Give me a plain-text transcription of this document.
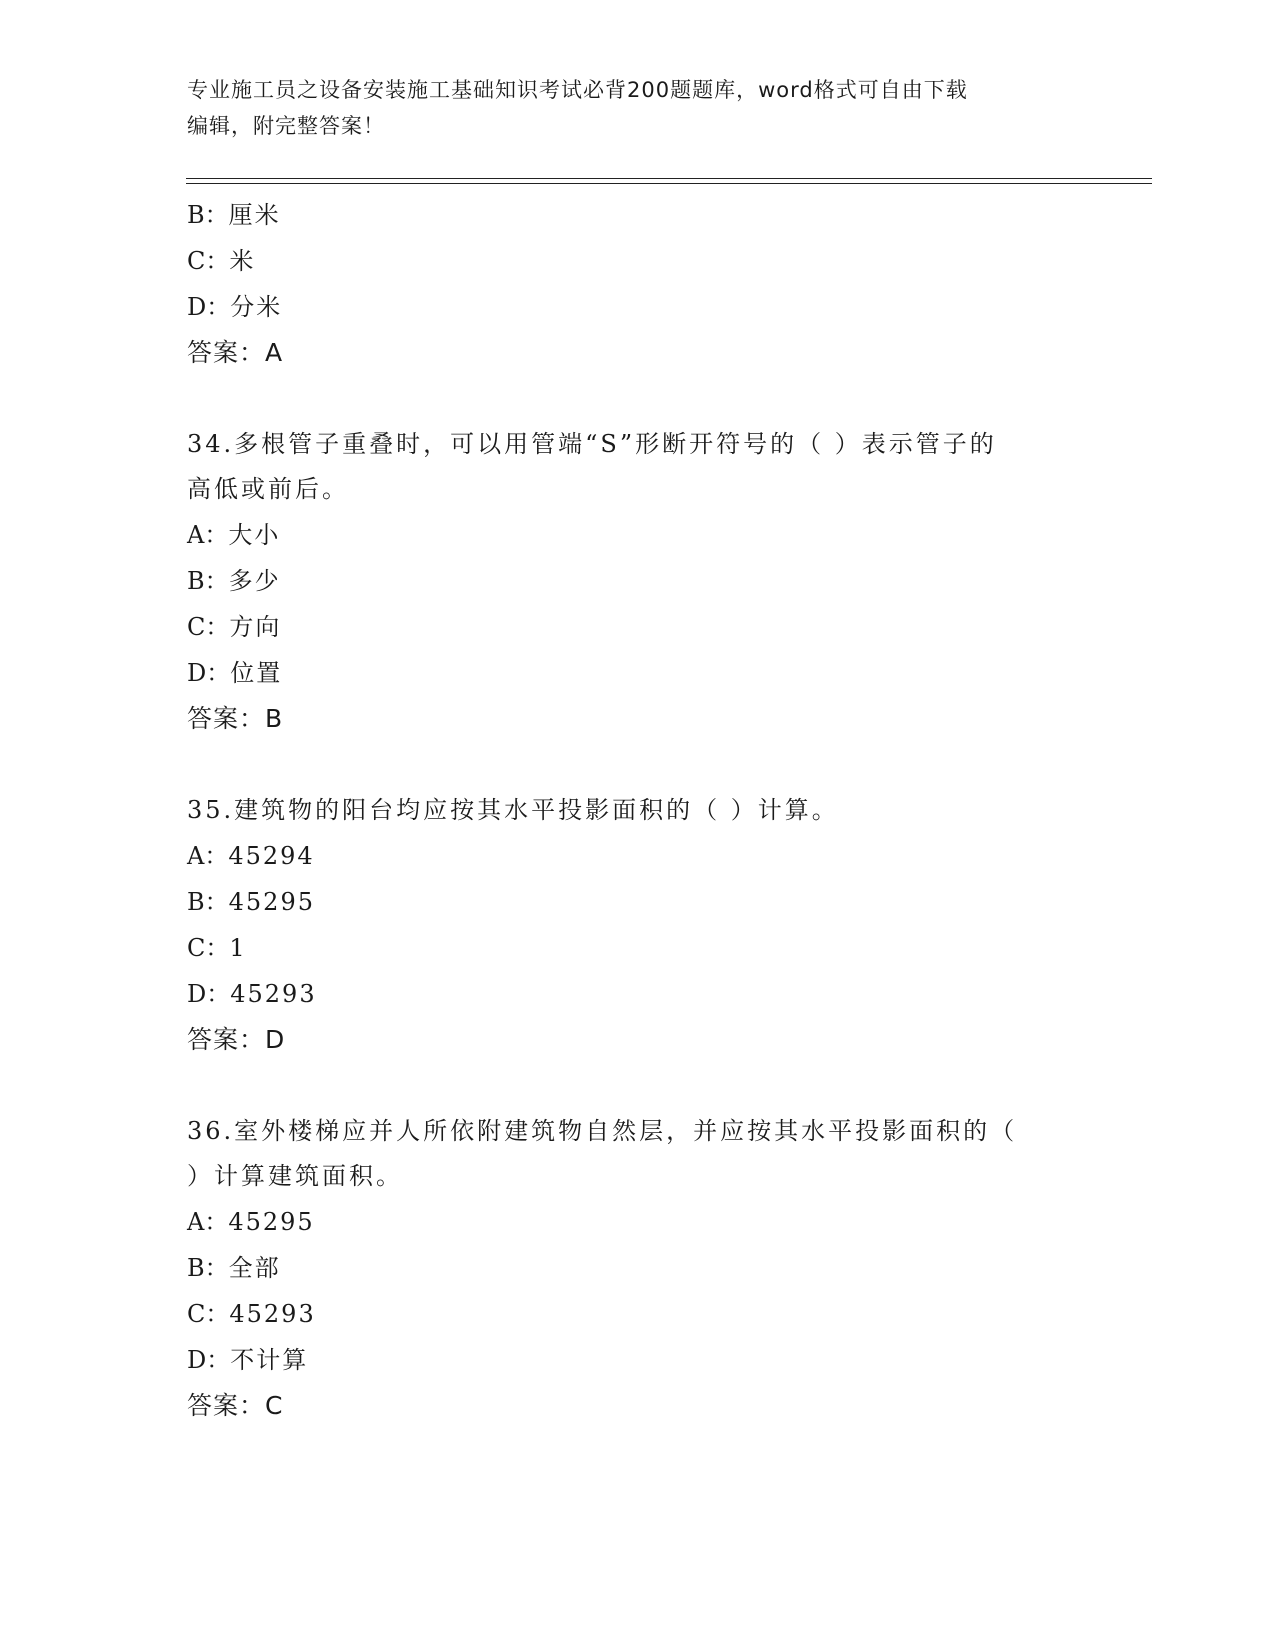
专业施工员之设备安装施工基础知识考试必背200题题库，word格式可自由下载
编辑，附完整答案！
B：厘米
C：米
D：分米
答案：A
34.多根管子重叠时，可以用管端“S”形断开符号的（ ）表示管子的
高低或前后。
A：大小
B：多少
C：方向
D：位置
答案：B
35.建筑物的阳台均应按其水平投影面积的（ ）计算。
A：45294
B：45295
C：1
D：45293
答案：D
36.室外楼梯应并人所依附建筑物自然层，并应按其水平投影面积的（
）计算建筑面积。
A：45295
B：全部
C：45293
D：不计算
答案：C
